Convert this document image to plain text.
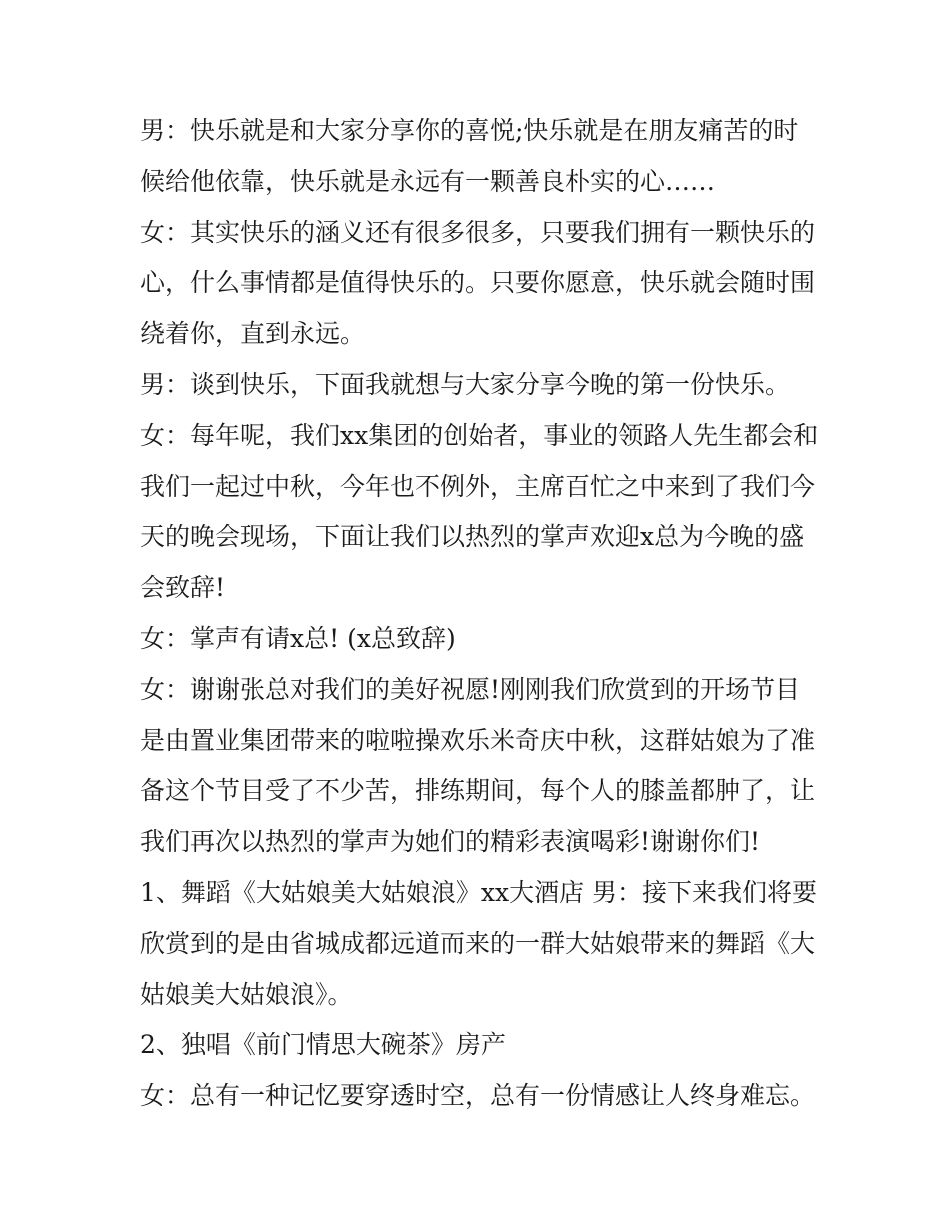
男：快乐就是和大家分享你的喜悦;快乐就是在朋友痛苦的时候给他依靠，快乐就是永远有一颗善良朴实的心……

女：其实快乐的涵义还有很多很多，只要我们拥有一颗快乐的心，什么事情都是值得快乐的。只要你愿意，快乐就会随时围绕着你，直到永远。

男：谈到快乐，下面我就想与大家分享今晚的第一份快乐。

女：每年呢，我们xx集团的创始者，事业的领路人先生都会和我们一起过中秋，今年也不例外，主席百忙之中来到了我们今天的晚会现场，下面让我们以热烈的掌声欢迎x总为今晚的盛会致辞!

女：掌声有请x总! (x总致辞)

女：谢谢张总对我们的美好祝愿!刚刚我们欣赏到的开场节目是由置业集团带来的啦啦操欢乐米奇庆中秋，这群姑娘为了准备这个节目受了不少苦，排练期间，每个人的膝盖都肿了，让我们再次以热烈的掌声为她们的精彩表演喝彩!谢谢你们!

1、舞蹈《大姑娘美大姑娘浪》xx大酒店 男：接下来我们将要欣赏到的是由省城成都远道而来的一群大姑娘带来的舞蹈《大姑娘美大姑娘浪》。

2、独唱《前门情思大碗茶》房产

女：总有一种记忆要穿透时空，总有一份情感让人终身难忘。
